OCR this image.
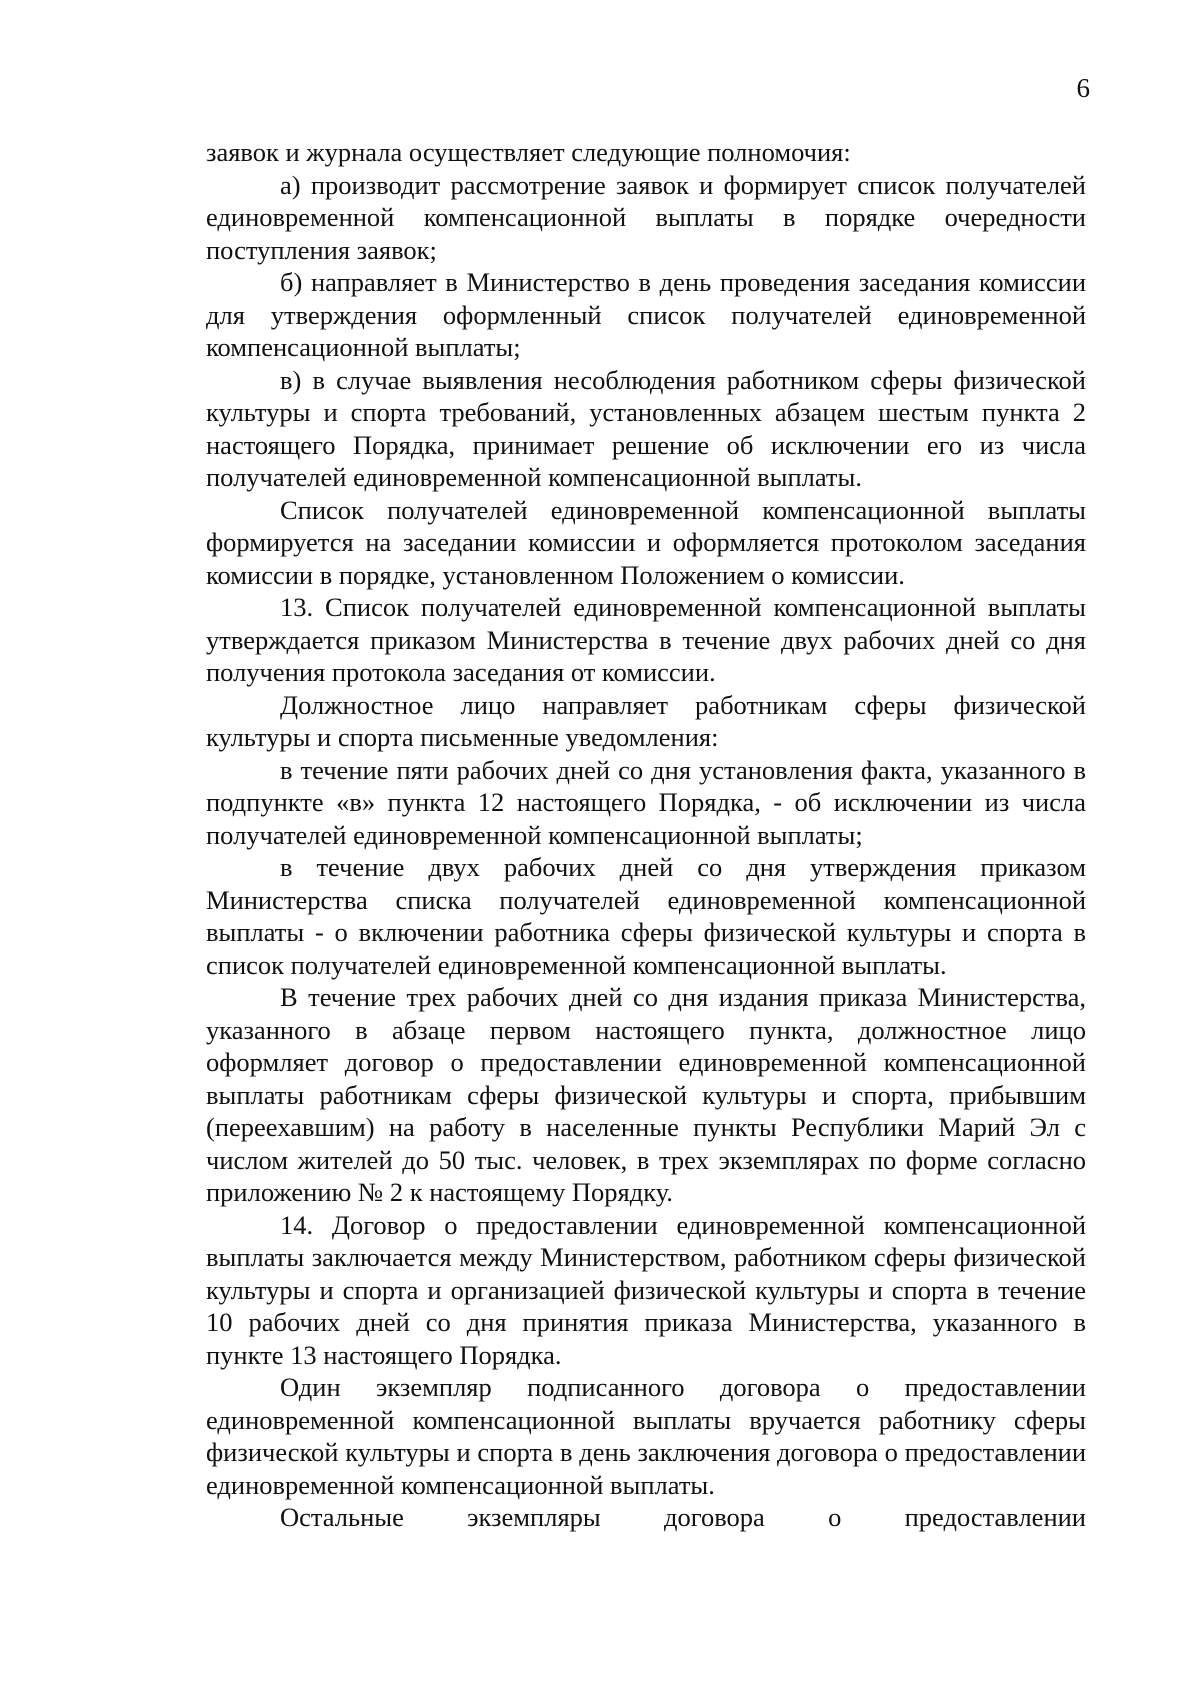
6

заявок и журнала осуществляет следующие полномочия:

а) производит рассмотрение заявок и формирует список получателей единовременной компенсационной выплаты в порядке очередности поступления заявок;

б) направляет в Министерство в день проведения заседания комиссии для утверждения оформленный список получателей единовременной компенсационной выплаты;

в) в случае выявления несоблюдения работником сферы физической культуры и спорта требований, установленных абзацем шестым пункта 2 настоящего Порядка, принимает решение об исключении его из числа получателей единовременной компенсационной выплаты.

Список получателей единовременной компенсационной выплаты формируется на заседании комиссии и оформляется протоколом заседания комиссии в порядке, установленном Положением о комиссии.

13. Список получателей единовременной компенсационной выплаты утверждается приказом Министерства в течение двух рабочих дней со дня получения протокола заседания от комиссии.

Должностное лицо направляет работникам сферы физической культуры и спорта письменные уведомления:

в течение пяти рабочих дней со дня установления факта, указанного в подпункте «в» пункта 12 настоящего Порядка, - об исключении из числа получателей единовременной компенсационной выплаты;

в течение двух рабочих дней со дня утверждения приказом Министерства списка получателей единовременной компенсационной выплаты - о включении работника сферы физической культуры и спорта в список получателей единовременной компенсационной выплаты.

В течение трех рабочих дней со дня издания приказа Министерства, указанного в абзаце первом настоящего пункта, должностное лицо оформляет договор о предоставлении единовременной компенсационной выплаты работникам сферы физической культуры и спорта, прибывшим (переехавшим) на работу в населенные пункты Республики Марий Эл с числом жителей до 50 тыс. человек, в трех экземплярах по форме согласно приложению № 2 к настоящему Порядку.

14. Договор о предоставлении единовременной компенсационной выплаты заключается между Министерством, работником сферы физической культуры и спорта и организацией физической культуры и спорта в течение 10 рабочих дней со дня принятия приказа Министерства, указанного в пункте 13 настоящего Порядка.

Один экземпляр подписанного договора о предоставлении единовременной компенсационной выплаты вручается работнику сферы физической культуры и спорта в день заключения договора о предоставлении единовременной компенсационной выплаты.

Остальные экземпляры договора о предоставлении
